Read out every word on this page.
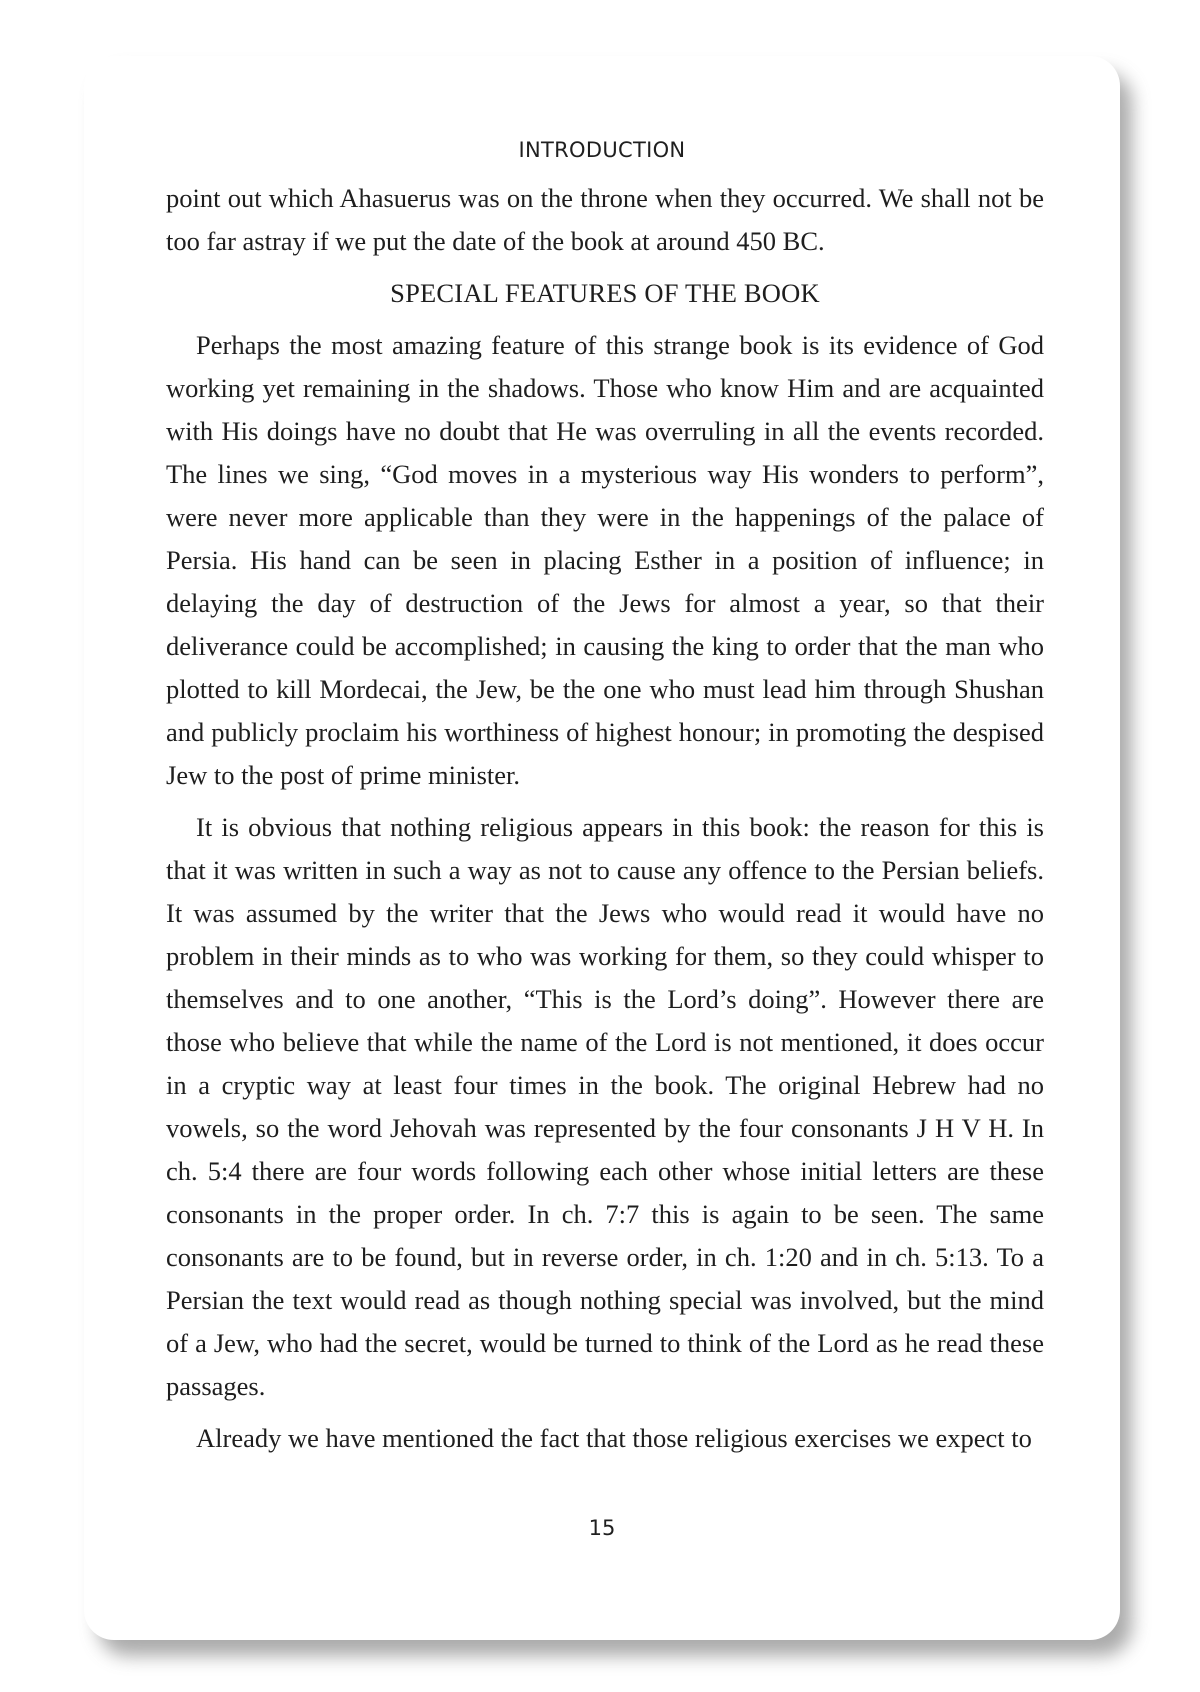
INTRODUCTION

point out which Ahasuerus was on the throne when they occurred. We shall not be too far astray if we put the date of the book at around 450 BC.

SPECIAL FEATURES OF THE BOOK

Perhaps the most amazing feature of this strange book is its evidence of God working yet remaining in the shadows. Those who know Him and are acquainted with His doings have no doubt that He was overruling in all the events recorded. The lines we sing, “God moves in a mysterious way His wonders to perform”, were never more applicable than they were in the happenings of the palace of Persia. His hand can be seen in placing Esther in a position of influence; in delaying the day of destruction of the Jews for almost a year, so that their deliverance could be accomplished; in causing the king to order that the man who plotted to kill Mordecai, the Jew, be the one who must lead him through Shushan and publicly proclaim his worthiness of highest honour; in promoting the despised Jew to the post of prime minister.

It is obvious that nothing religious appears in this book: the reason for this is that it was written in such a way as not to cause any offence to the Persian beliefs. It was assumed by the writer that the Jews who would read it would have no problem in their minds as to who was working for them, so they could whisper to themselves and to one another, “This is the Lord’s doing”. However there are those who believe that while the name of the Lord is not mentioned, it does occur in a cryptic way at least four times in the book. The original Hebrew had no vowels, so the word Jehovah was represented by the four consonants J H V H. In ch. 5:4 there are four words following each other whose initial letters are these consonants in the proper order. In ch. 7:7 this is again to be seen. The same consonants are to be found, but in reverse order, in ch. 1:20 and in ch. 5:13. To a Persian the text would read as though nothing special was involved, but the mind of a Jew, who had the secret, would be turned to think of the Lord as he read these passages.

Already we have mentioned the fact that those religious exercises we expect to

15
